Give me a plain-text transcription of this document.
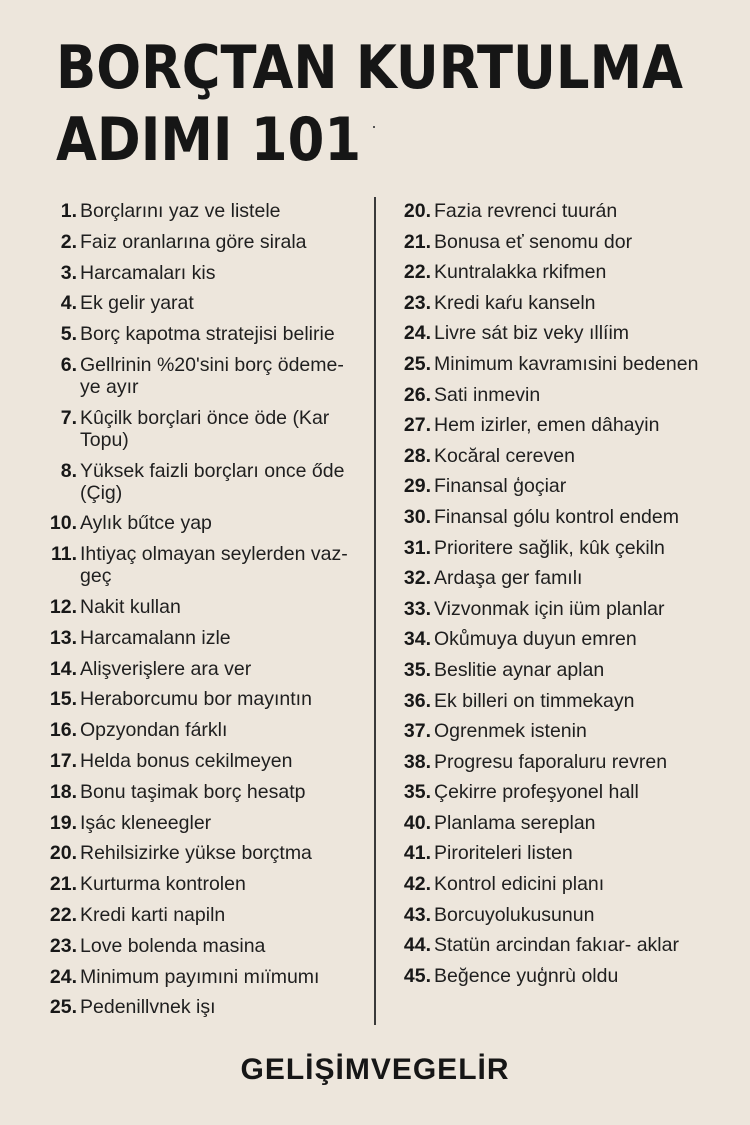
BORÇTAN KURTULMA
ADIMI 101
1. Borçlarını yaz ve listele
2. Faiz oranlarına göre sirala
3. Harcamaları kis
4. Ek gelir yarat
5. Borç kapotma stratejisi belirie
6. Gellrinin %20'sini borç ödeme-ye ayır
7. Kûçilk borçlari önce öde (Kar Topu)
8. Yüksek faizli borçları once őde (Çig)
10. Aylık bűtce yap
11. Ihtiyaç olmayan seylerden vaz-geç
12. Nakit kullan
13. Harcamalann izle
14. Alişverişlere ara ver
15. Heraborcumu bor mayıntın
16. Opzyondan fárklı
17. Helda bonus cekilmeyen
18. Bonu taşimak borç hesatp
19. Işác kleneegler
20. Rehilsizirke yükse borçtma
21. Kurturma kontrolen
22. Kredi karti napiln
23. Love bolenda masina
24. Minimum payımıni mıïmumı
25. Pedenillvnek işı
20. Fazia revrenci tuurán
21. Bonusa eť senomu dor
22. Kuntralakka rkifmen
23. Kredi kaŕu kanseln
24. Livre sát biz veky ıllíim
25. Minimum kavramısini bedenen
26. Sati inmevin
27. Hem izirler, emen dâhayin
28. Kocăral cereven
29. Finansal ģoçiar
30. Finansal gólu kontrol endem
31. Prioritere sağlik, kûk çekiln
32. Ardaşa ger famılı
33. Vizvonmak için iüm planlar
34. Okůmuya duyun emren
35. Beslitie aynar aplan
36. Ek billeri on timmekayn
37. Ogrenmek istenin
38. Progresu faporaluru revren
35. Çekirre profeşyonel hall
40. Planlama sereplan
41. Piroriteleri listen
42. Kontrol edicini planı
43. Borcuyolukusunun
44. Statün arcindan fakıar- aklar
45. Beğence yuģnrù oldu
GELİŞİMVEGELİR
